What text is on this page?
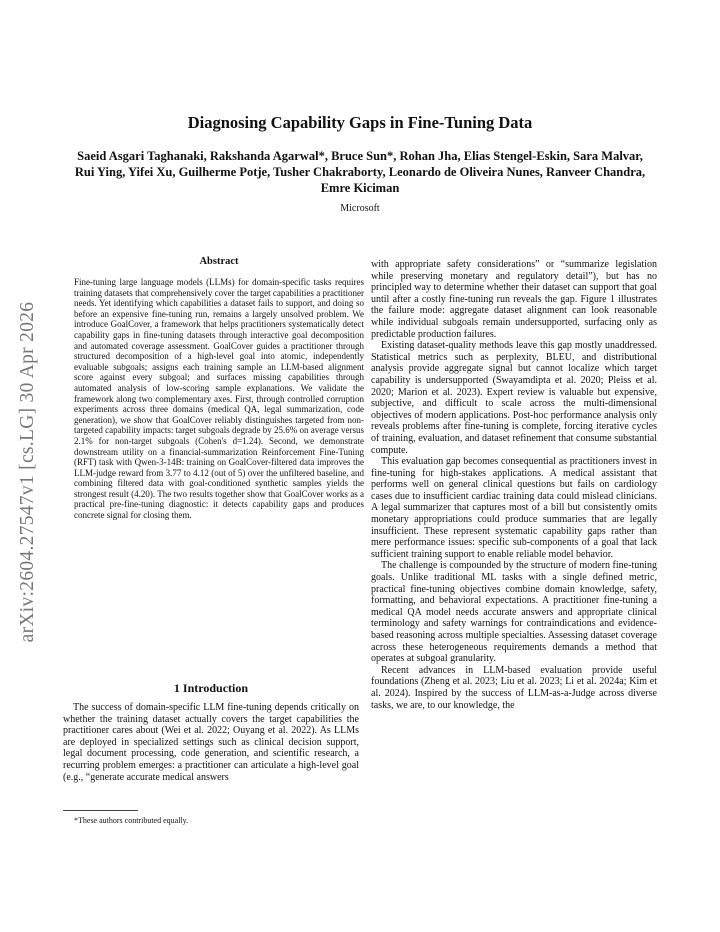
arXiv:2604.27547v1 [cs.LG] 30 Apr 2026
Diagnosing Capability Gaps in Fine-Tuning Data
Saeid Asgari Taghanaki, Rakshanda Agarwal*, Bruce Sun*, Rohan Jha, Elias Stengel-Eskin, Sara Malvar, Rui Ying, Yifei Xu, Guilherme Potje, Tusher Chakraborty, Leonardo de Oliveira Nunes, Ranveer Chandra, Emre Kiciman
Microsoft
Abstract

Fine-tuning large language models (LLMs) for domain-specific tasks requires training datasets that comprehensively cover the target capabilities a practitioner needs. Yet identifying which capabilities a dataset fails to support, and doing so before an expensive fine-tuning run, remains a largely unsolved problem. We introduce GoalCover, a framework that helps practitioners systematically detect capability gaps in fine-tuning datasets through interactive goal decomposition and automated coverage assessment. GoalCover guides a practitioner through structured decomposition of a high-level goal into atomic, independently evaluable subgoals; assigns each training sample an LLM-based alignment score against every subgoal; and surfaces missing capabilities through automated analysis of low-scoring sample explanations. We validate the framework along two complementary axes. First, through controlled corruption experiments across three domains (medical QA, legal summarization, code generation), we show that GoalCover reliably distinguishes targeted from non-targeted capability impacts: target subgoals degrade by 25.6% on average versus 2.1% for non-target subgoals (Cohen's d=1.24). Second, we demonstrate downstream utility on a financial-summarization Reinforcement Fine-Tuning (RFT) task with Qwen-3-14B: training on GoalCover-filtered data improves the LLM-judge reward from 3.77 to 4.12 (out of 5) over the unfiltered baseline, and combining filtered data with goal-conditioned synthetic samples yields the strongest result (4.20). The two results together show that GoalCover works as a practical pre-fine-tuning diagnostic: it detects capability gaps and produces concrete signal for closing them.

1 Introduction

The success of domain-specific LLM fine-tuning depends critically on whether the training dataset actually covers the target capabilities the practitioner cares about (Wei et al. 2022; Ouyang et al. 2022). As LLMs are deployed in specialized settings such as clinical decision support, legal document processing, code generation, and scientific research, a recurring problem emerges: a practitioner can articulate a high-level goal (e.g., “generate accurate medical answers

*These authors contributed equally.

with appropriate safety considerations” or “summarize legislation while preserving monetary and regulatory detail”), but has no principled way to determine whether their dataset can support that goal until after a costly fine-tuning run reveals the gap. Figure 1 illustrates the failure mode: aggregate dataset alignment can look reasonable while individual subgoals remain undersupported, surfacing only as predictable production failures.

Existing dataset-quality methods leave this gap mostly unaddressed. Statistical metrics such as perplexity, BLEU, and distributional analysis provide aggregate signal but cannot localize which target capability is undersupported (Swayamdipta et al. 2020; Pleiss et al. 2020; Marion et al. 2023). Expert review is valuable but expensive, subjective, and difficult to scale across the multi-dimensional objectives of modern applications. Post-hoc performance analysis only reveals problems after fine-tuning is complete, forcing iterative cycles of training, evaluation, and dataset refinement that consume substantial compute.

This evaluation gap becomes consequential as practitioners invest in fine-tuning for high-stakes applications. A medical assistant that performs well on general clinical questions but fails on cardiology cases due to insufficient cardiac training data could mislead clinicians. A legal summarizer that captures most of a bill but consistently omits monetary appropriations could produce summaries that are legally insufficient. These represent systematic capability gaps rather than mere performance issues: specific sub-components of a goal that lack sufficient training support to enable reliable model behavior.

The challenge is compounded by the structure of modern fine-tuning goals. Unlike traditional ML tasks with a single defined metric, practical fine-tuning objectives combine domain knowledge, safety, formatting, and behavioral expectations. A practitioner fine-tuning a medical QA model needs accurate answers and appropriate clinical terminology and safety warnings for contraindications and evidence-based reasoning across multiple specialties. Assessing dataset coverage across these heterogeneous requirements demands a method that operates at subgoal granularity.

Recent advances in LLM-based evaluation provide useful foundations (Zheng et al. 2023; Liu et al. 2023; Li et al. 2024a; Kim et al. 2024). Inspired by the success of LLM-as-a-Judge across diverse tasks, we are, to our knowledge, the
